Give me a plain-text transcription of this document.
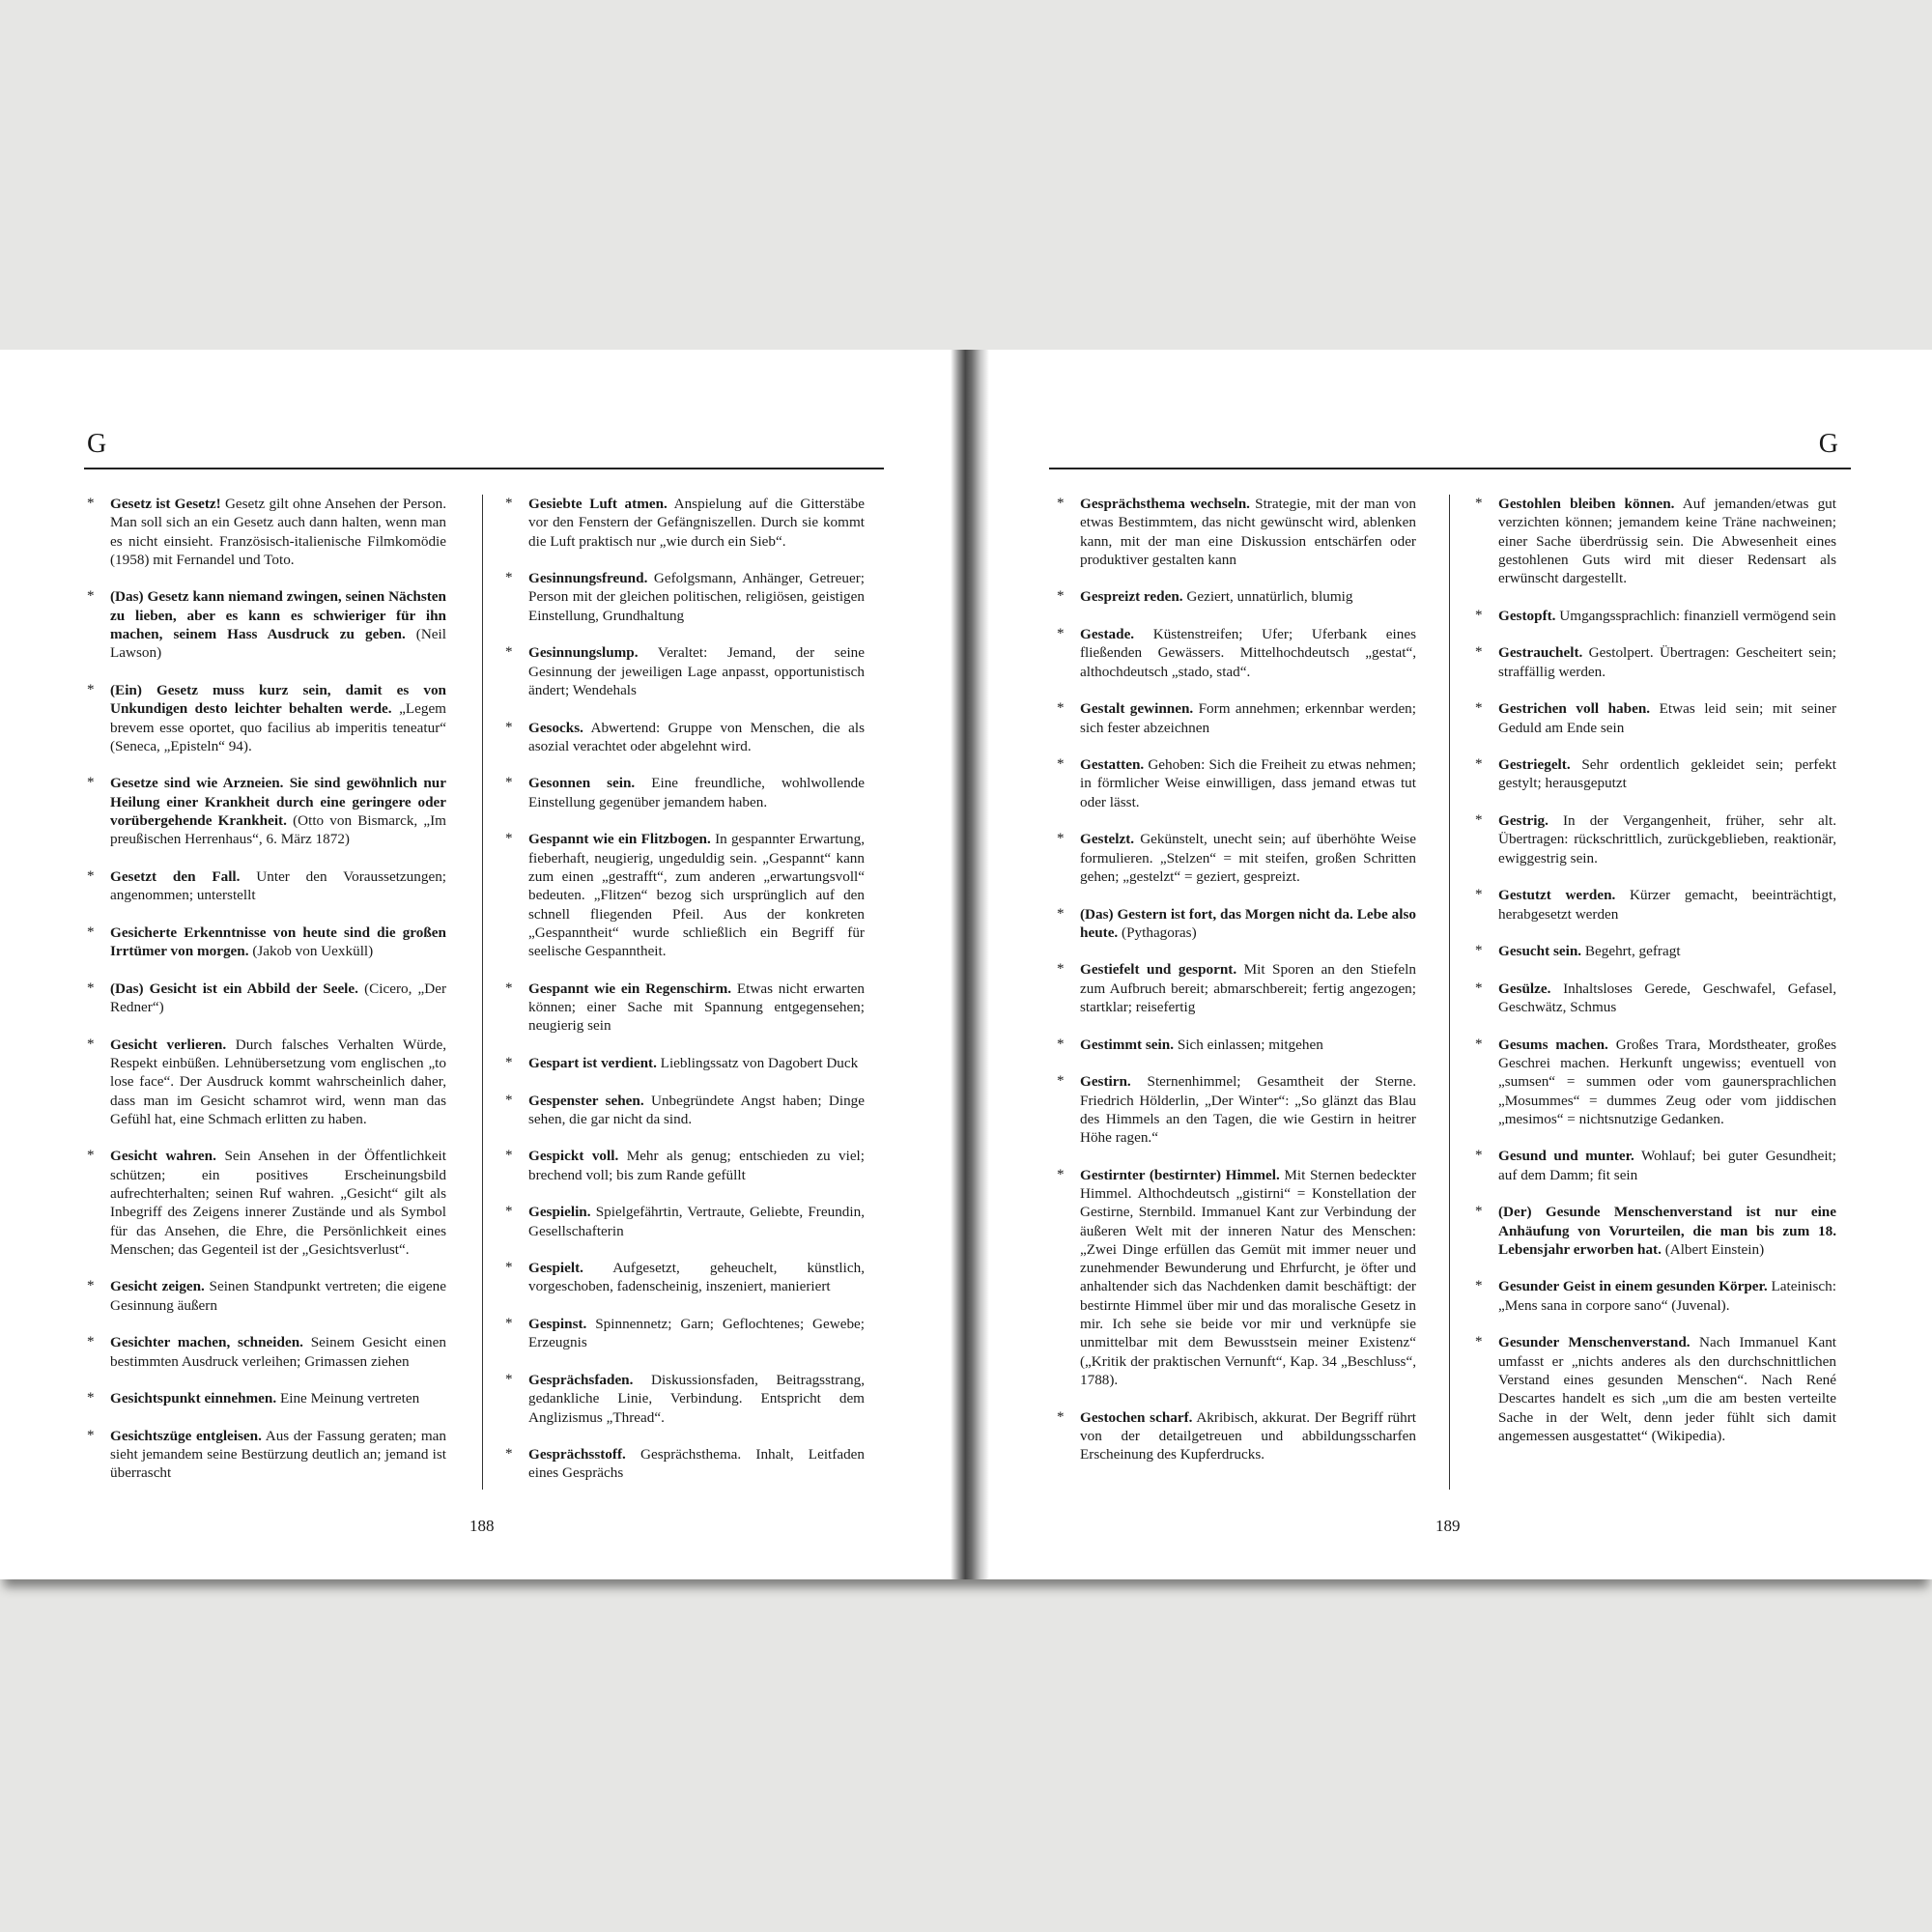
G
* Gesetz ist Gesetz! Gesetz gilt ohne Ansehen der Person. Man soll sich an ein Gesetz auch dann halten, wenn man es nicht einsieht. Französisch-italienische Filmkomödie (1958) mit Fernandel und Toto.
* (Das) Gesetz kann niemand zwingen, seinen Nächsten zu lieben, aber es kann es schwieriger für ihn machen, seinem Hass Ausdruck zu geben. (Neil Lawson)
* (Ein) Gesetz muss kurz sein, damit es von Unkundigen desto leichter behalten werde. „Legem brevem esse oportet, quo facilius ab imperitis teneatur“ (Seneca, „Episteln“ 94).
* Gesetze sind wie Arzneien. Sie sind gewöhnlich nur Heilung einer Krankheit durch eine geringere oder vorübergehende Krankheit. (Otto von Bismarck, „Im preußischen Herrenhaus“, 6. März 1872)
* Gesetzt den Fall. Unter den Voraussetzungen; angenommen; unterstellt
* Gesicherte Erkenntnisse von heute sind die großen Irrtümer von morgen. (Jakob von Uexküll)
* (Das) Gesicht ist ein Abbild der Seele. (Cicero, „Der Redner“)
* Gesicht verlieren. Durch falsches Verhalten Würde, Respekt einbüßen. Lehnübersetzung vom englischen „to lose face“. Der Ausdruck kommt wahrscheinlich daher, dass man im Gesicht schamrot wird, wenn man das Gefühl hat, eine Schmach erlitten zu haben.
* Gesicht wahren. Sein Ansehen in der Öffentlichkeit schützen; ein positives Erscheinungsbild aufrechterhalten; seinen Ruf wahren. „Gesicht“ gilt als Inbegriff des Zeigens innerer Zustände und als Symbol für das Ansehen, die Ehre, die Persönlichkeit eines Menschen; das Gegenteil ist der „Gesichtsverlust“.
* Gesicht zeigen. Seinen Standpunkt vertreten; die eigene Gesinnung äußern
* Gesichter machen, schneiden. Seinem Gesicht einen bestimmten Ausdruck verleihen; Grimassen ziehen
* Gesichtspunkt einnehmen. Eine Meinung vertreten
* Gesichtszüge entgleisen. Aus der Fassung geraten; man sieht jemandem seine Bestürzung deutlich an; jemand ist überrascht
* Gesiebte Luft atmen. Anspielung auf die Gitterstäbe vor den Fenstern der Gefängniszellen. Durch sie kommt die Luft praktisch nur „wie durch ein Sieb“.
* Gesinnungsfreund. Gefolgsmann, Anhänger, Getreuer; Person mit der gleichen politischen, religiösen, geistigen Einstellung, Grundhaltung
* Gesinnungslump. Veraltet: Jemand, der seine Gesinnung der jeweiligen Lage anpasst, opportunistisch ändert; Wendehals
* Gesocks. Abwertend: Gruppe von Menschen, die als asozial verachtet oder abgelehnt wird.
* Gesonnen sein. Eine freundliche, wohlwollende Einstellung gegenüber jemandem haben.
* Gespannt wie ein Flitzbogen. In gespannter Erwartung, fieberhaft, neugierig, ungeduldig sein. „Gespannt“ kann zum einen „gestrafft“, zum anderen „erwartungsvoll“ bedeuten. „Flitzen“ bezog sich ursprünglich auf den schnell fliegenden Pfeil. Aus der konkreten „Gespanntheit“ wurde schließlich ein Begriff für seelische Gespanntheit.
* Gespannt wie ein Regenschirm. Etwas nicht erwarten können; einer Sache mit Spannung entgegensehen; neugierig sein
* Gespart ist verdient. Lieblingssatz von Dagobert Duck
* Gespenster sehen. Unbegründete Angst haben; Dinge sehen, die gar nicht da sind.
* Gespickt voll. Mehr als genug; entschieden zu viel; brechend voll; bis zum Rande gefüllt
* Gespielin. Spielgefährtin, Vertraute, Geliebte, Freundin, Gesellschafterin
* Gespielt. Aufgesetzt, geheuchelt, künstlich, vorgeschoben, fadenscheinig, inszeniert, manieriert
* Gespinst. Spinnennetz; Garn; Geflochtenes; Gewebe; Erzeugnis
* Gesprächsfaden. Diskussionsfaden, Beitragsstrang, gedankliche Linie, Verbindung. Entspricht dem Anglizismus „Thread“.
* Gesprächsstoff. Gesprächsthema. Inhalt, Leitfaden eines Gesprächs
188
G
* Gesprächsthema wechseln. Strategie, mit der man von etwas Bestimmtem, das nicht gewünscht wird, ablenken kann, mit der man eine Diskussion entschärfen oder produktiver gestalten kann
* Gespreizt reden. Geziert, unnatürlich, blumig
* Gestade. Küstenstreifen; Ufer; Uferbank eines fließenden Gewässers. Mittelhochdeutsch „gestat“, althochdeutsch „stado, stad“.
* Gestalt gewinnen. Form annehmen; erkennbar werden; sich fester abzeichnen
* Gestatten. Gehoben: Sich die Freiheit zu etwas nehmen; in förmlicher Weise einwilligen, dass jemand etwas tut oder lässt.
* Gestelzt. Gekünstelt, unecht sein; auf überhöhte Weise formulieren. „Stelzen“ = mit steifen, großen Schritten gehen; „gestelzt“ = geziert, gespreizt.
* (Das) Gestern ist fort, das Morgen nicht da. Lebe also heute. (Pythagoras)
* Gestiefelt und gespornt. Mit Sporen an den Stiefeln zum Aufbruch bereit; abmarschbereit; fertig angezogen; startklar; reisefertig
* Gestimmt sein. Sich einlassen; mitgehen
* Gestirn. Sternenhimmel; Gesamtheit der Sterne. Friedrich Hölderlin, „Der Winter“: „So glänzt das Blau des Himmels an den Tagen, die wie Gestirn in heitrer Höhe ragen.“
* Gestirnter (bestirnter) Himmel. Mit Sternen bedeckter Himmel. Althochdeutsch „gistirni“ = Konstellation der Gestirne, Sternbild. Immanuel Kant zur Verbindung der äußeren Welt mit der inneren Natur des Menschen: „Zwei Dinge erfüllen das Gemüt mit immer neuer und zunehmender Bewunderung und Ehrfurcht, je öfter und anhaltender sich das Nachdenken damit beschäftigt: der bestirnte Himmel über mir und das moralische Gesetz in mir. Ich sehe sie beide vor mir und verknüpfe sie unmittelbar mit dem Bewusstsein meiner Existenz“ („Kritik der praktischen Vernunft“, Kap. 34 „Beschluss“, 1788).
* Gestochen scharf. Akribisch, akkurat. Der Begriff rührt von der detailgetreuen und abbildungsscharfen Erscheinung des Kupferdrucks.
* Gestohlen bleiben können. Auf jemanden/etwas gut verzichten können; jemandem keine Träne nachweinen; einer Sache überdrüssig sein. Die Abwesenheit eines gestohlenen Guts wird mit dieser Redensart als erwünscht dargestellt.
* Gestopft. Umgangssprachlich: finanziell vermögend sein
* Gestrauchelt. Gestolpert. Übertragen: Gescheitert sein; straffällig werden.
* Gestrichen voll haben. Etwas leid sein; mit seiner Geduld am Ende sein
* Gestriegelt. Sehr ordentlich gekleidet sein; perfekt gestylt; herausgeputzt
* Gestrig. In der Vergangenheit, früher, sehr alt. Übertragen: rückschrittlich, zurückgeblieben, reaktionär, ewiggestrig sein.
* Gestutzt werden. Kürzer gemacht, beeinträchtigt, herabgesetzt werden
* Gesucht sein. Begehrt, gefragt
* Gesülze. Inhaltsloses Gerede, Geschwafel, Gefasel, Geschwätz, Schmus
* Gesums machen. Großes Trara, Mordstheater, großes Geschrei machen. Herkunft ungewiss; eventuell von „sumsen“ = summen oder vom gaunersprachlichen „Mosummes“ = dummes Zeug oder vom jiddischen „mesimos“ = nichtsnutzige Gedanken.
* Gesund und munter. Wohlauf; bei guter Gesundheit; auf dem Damm; fit sein
* (Der) Gesunde Menschenverstand ist nur eine Anhäufung von Vorurteilen, die man bis zum 18. Lebensjahr erworben hat. (Albert Einstein)
* Gesunder Geist in einem gesunden Körper. Lateinisch: „Mens sana in corpore sano“ (Juvenal).
* Gesunder Menschenverstand. Nach Immanuel Kant umfasst er „nichts anderes als den durchschnittlichen Verstand eines gesunden Menschen“. Nach René Descartes handelt es sich „um die am besten verteilte Sache in der Welt, denn jeder fühlt sich damit angemessen ausgestattet“ (Wikipedia).
189
